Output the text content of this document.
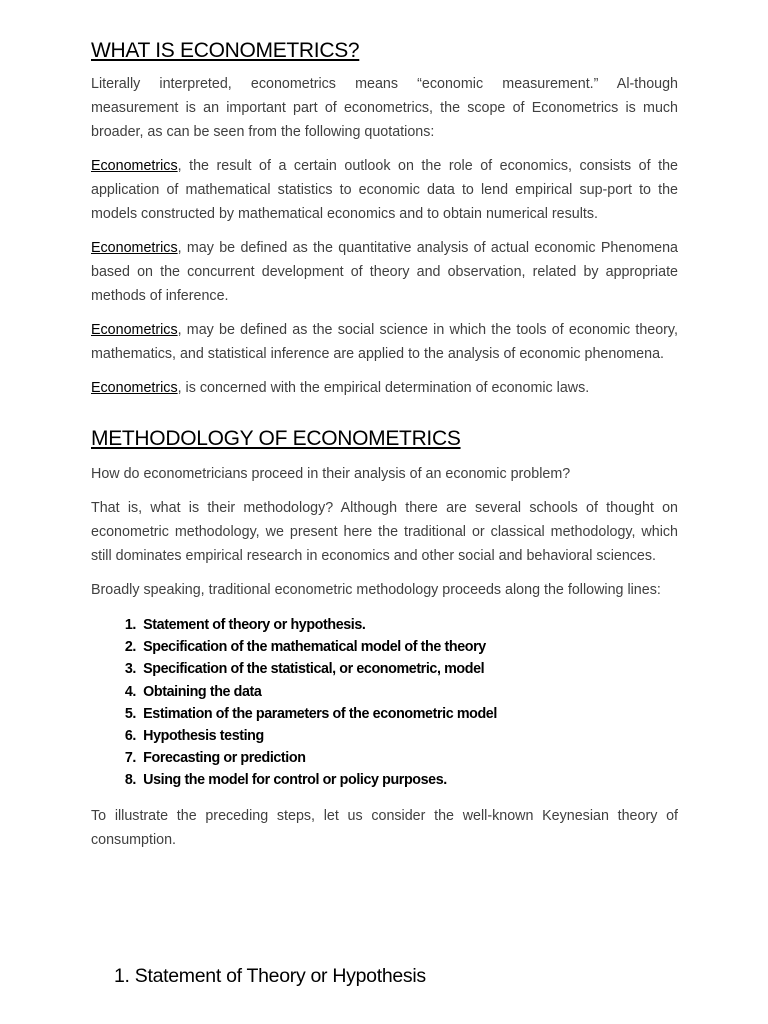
WHAT IS ECONOMETRICS?

Literally interpreted, econometrics means “economic measurement.” Al-though measurement is an important part of econometrics, the scope of Econometrics is much broader, as can be seen from the following quotations:

Econometrics, the result of a certain outlook on the role of economics, consists of the application of mathematical statistics to economic data to lend empirical sup-port to the models constructed by mathematical economics and to obtain numerical results.

Econometrics, may be defined as the quantitative analysis of actual economic Phenomena based on the concurrent development of theory and observation, related by appropriate methods of inference.

Econometrics, may be defined as the social science in which the tools of economic theory, mathematics, and statistical inference are applied to the analysis of economic phenomena.

Econometrics, is concerned with the empirical determination of economic laws.

METHODOLOGY OF ECONOMETRICS

How do econometricians proceed in their analysis of an economic problem?

That is, what is their methodology? Although there are several schools of thought on econometric methodology, we present here the traditional or classical methodology, which still dominates empirical research in economics and other social and behavioral sciences.

Broadly speaking, traditional econometric methodology proceeds along the following lines:

1.
Statement of theory or hypothesis.
2.
Specification of the mathematical model of the theory
3.
Specification of the statistical, or econometric, model
4.
Obtaining the data
5.
Estimation of the parameters of the econometric model
6.
Hypothesis testing
7.
Forecasting or prediction
8.
Using the model for control or policy purposes.

To illustrate the preceding steps, let us consider the well-known Keynesian theory of consumption.

1. Statement of Theory or Hypothesis
